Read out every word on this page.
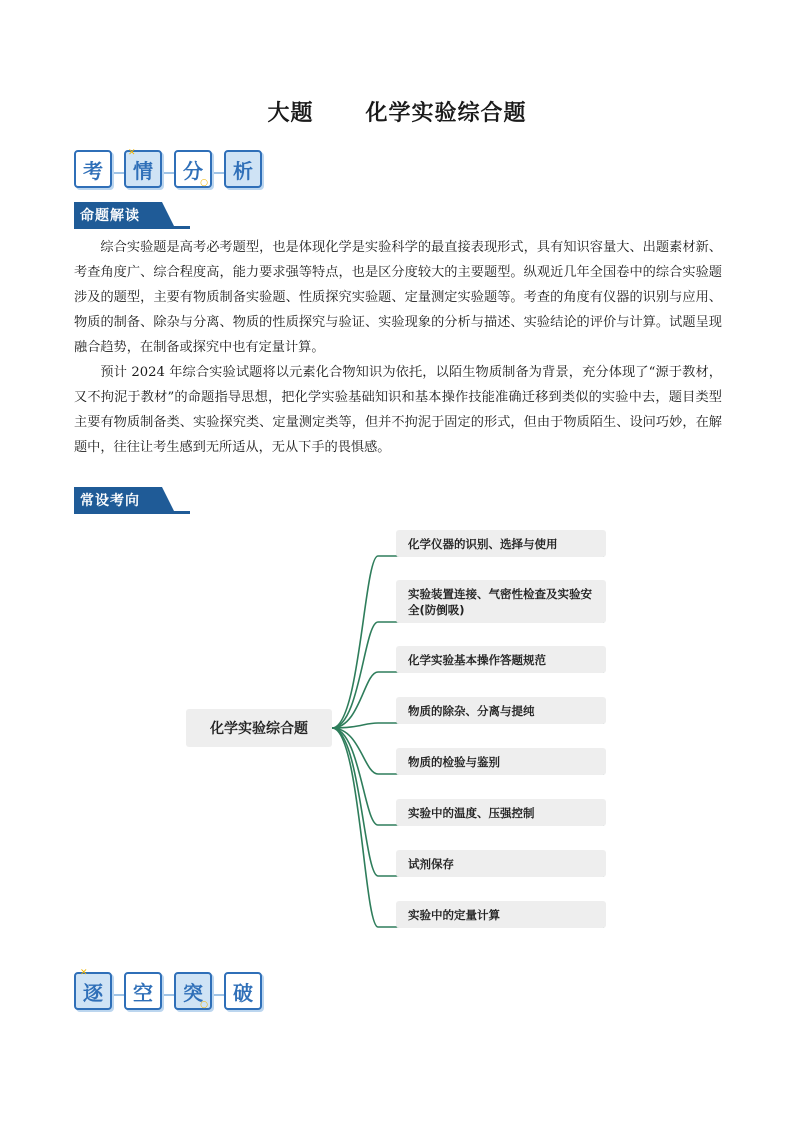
大题      化学实验综合题
考 情
✕
分
○
析
命题解读
综合实验题是高考必考题型，也是体现化学是实验科学的最直接表现形式，具有知识容量大、出题素材新、考查角度广、综合程度高，能力要求强等特点，也是区分度较大的主要题型。纵观近几年全国卷中的综合实验题涉及的题型，主要有物质制备实验题、性质探究实验题、定量测定实验题等。考查的角度有仪器的识别与应用、物质的制备、除杂与分离、物质的性质探究与验证、实验现象的分析与描述、实验结论的评价与计算。试题呈现融合趋势，在制备或探究中也有定量计算。
预计 2024 年综合实验试题将以元素化合物知识为依托，以陌生物质制备为背景，充分体现了“源于教材，又不拘泥于教材”的命题指导思想，把化学实验基础知识和基本操作技能准确迁移到类似的实验中去，题目类型主要有物质制备类、实验探究类、定量测定类等，但并不拘泥于固定的形式，但由于物质陌生、设问巧妙，在解题中，往往让考生感到无所适从，无从下手的畏惧感。
常设考向
化学实验综合题
化学仪器的识别、选择与使用
实验装置连接、气密性检查及实验安全(防倒吸)
化学实验基本操作答题规范
物质的除杂、分离与提纯
物质的检验与鉴别
实验中的温度、压强控制
试剂保存
实验中的定量计算
逐
✕
空 突
○
破
